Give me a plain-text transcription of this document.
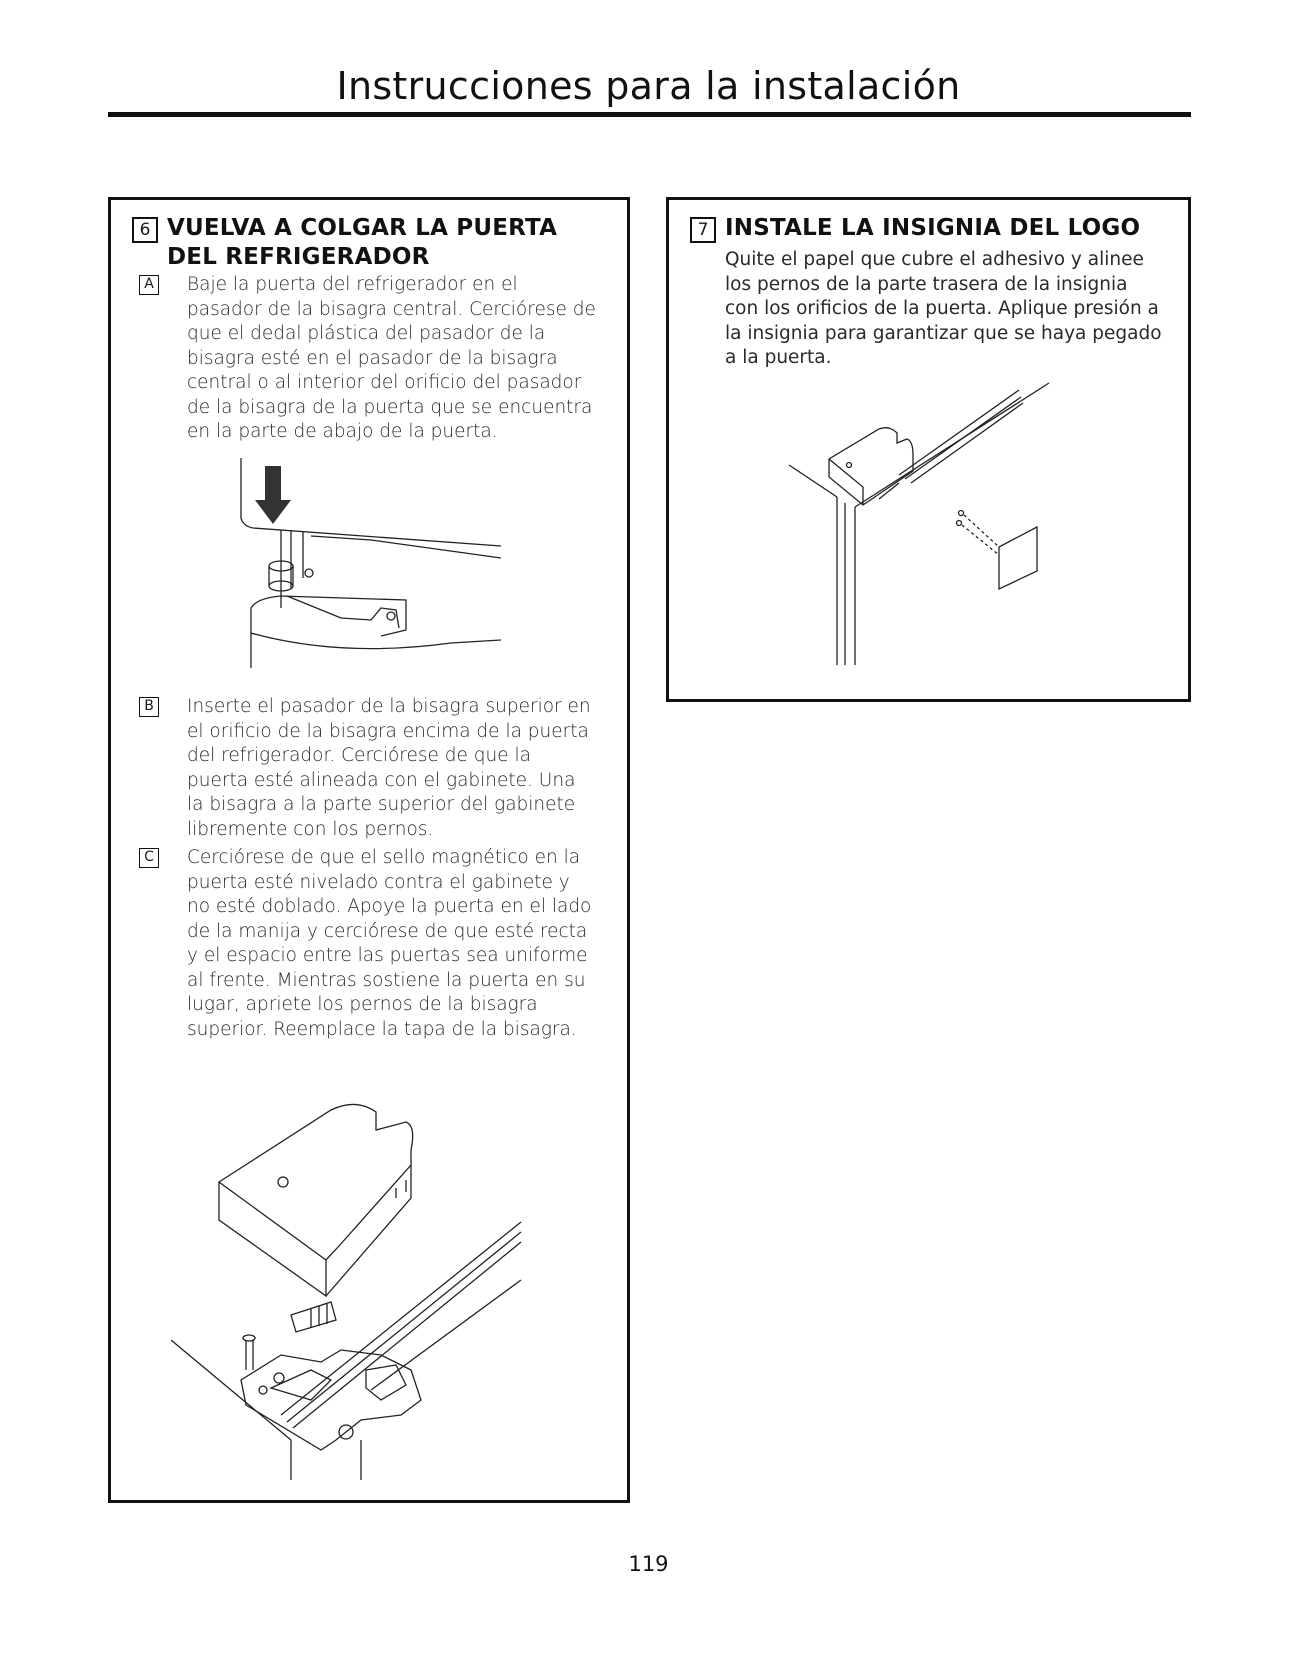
Instrucciones para la instalación
6 VUELVA A COLGAR LA PUERTA DEL REFRIGERADOR
A Baje la puerta del refrigerador en el pasador de la bisagra central. Cerciórese de que el dedal plástica del pasador de la bisagra esté en el pasador de la bisagra central o al interior del orificio del pasador de la bisagra de la puerta que se encuentra en la parte de abajo de la puerta.
B Inserte el pasador de la bisagra superior en el orificio de la bisagra encima de la puerta del refrigerador. Cerciórese de que la puerta esté alineada con el gabinete. Una la bisagra a la parte superior del gabinete libremente con los pernos.
C Cerciórese de que el sello magnético en la puerta esté nivelado contra el gabinete y no esté doblado. Apoye la puerta en el lado de la manija y cerciórese de que esté recta y el espacio entre las puertas sea uniforme al frente. Mientras sostiene la puerta en su lugar, apriete los pernos de la bisagra superior. Reemplace la tapa de la bisagra.
7 INSTALE LA INSIGNIA DEL LOGO
Quite el papel que cubre el adhesivo y alinee los pernos de la parte trasera de la insignia con los orificios de la puerta. Aplique presión a la insignia para garantizar que se haya pegado a la puerta.
119
